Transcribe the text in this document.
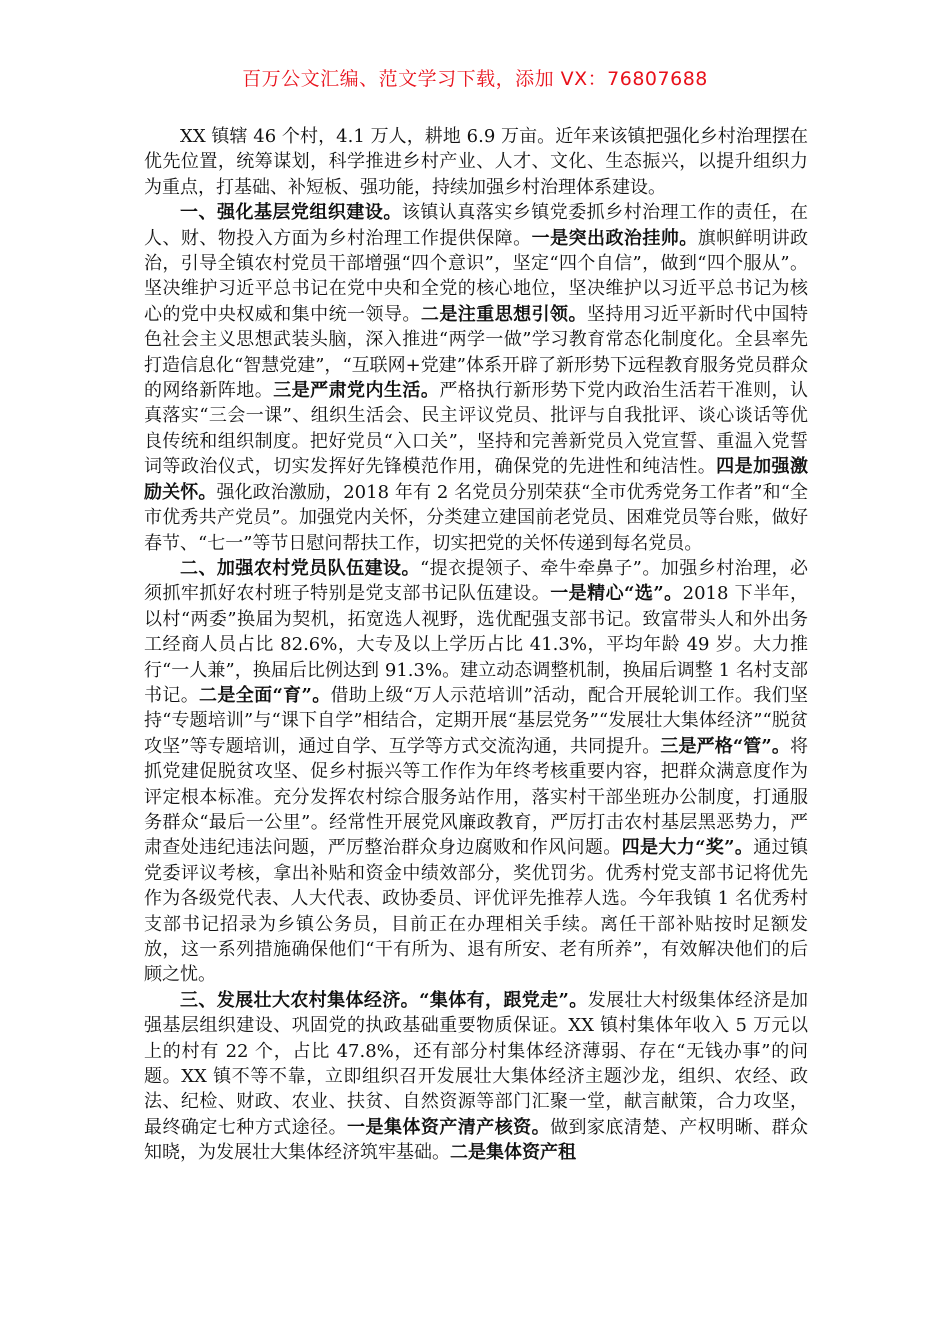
百万公文汇编、范文学习下载，添加 VX：76807688

XX 镇辖 46 个村，4.1 万人，耕地 6.9 万亩。近年来该镇把强化乡村治理摆在优先位置，统筹谋划，科学推进乡村产业、人才、文化、生态振兴，以提升组织力为重点，打基础、补短板、强功能，持续加强乡村治理体系建设。

一、强化基层党组织建设。该镇认真落实乡镇党委抓乡村治理工作的责任，在人、财、物投入方面为乡村治理工作提供保障。一是突出政治挂帅。旗帜鲜明讲政治，引导全镇农村党员干部增强“四个意识”，坚定“四个自信”，做到“四个服从”。坚决维护习近平总书记在党中央和全党的核心地位，坚决维护以习近平总书记为核心的党中央权威和集中统一领导。二是注重思想引领。坚持用习近平新时代中国特色社会主义思想武装头脑，深入推进“两学一做”学习教育常态化制度化。全县率先打造信息化“智慧党建”，“互联网+党建”体系开辟了新形势下远程教育服务党员群众的网络新阵地。三是严肃党内生活。严格执行新形势下党内政治生活若干准则，认真落实“三会一课”、组织生活会、民主评议党员、批评与自我批评、谈心谈话等优良传统和组织制度。把好党员“入口关”，坚持和完善新党员入党宣誓、重温入党誓词等政治仪式，切实发挥好先锋模范作用，确保党的先进性和纯洁性。四是加强激励关怀。强化政治激励，2018 年有 2 名党员分别荣获“全市优秀党务工作者”和“全市优秀共产党员”。加强党内关怀，分类建立建国前老党员、困难党员等台账，做好春节、“七一”等节日慰问帮扶工作，切实把党的关怀传递到每名党员。

二、加强农村党员队伍建设。“提衣提领子、牵牛牵鼻子”。加强乡村治理，必须抓牢抓好农村班子特别是党支部书记队伍建设。一是精心“选”。2018 下半年，以村“两委”换届为契机，拓宽选人视野，选优配强支部书记。致富带头人和外出务工经商人员占比 82.6%，大专及以上学历占比 41.3%，平均年龄 49 岁。大力推行“一人兼”，换届后比例达到 91.3%。建立动态调整机制，换届后调整 1 名村支部书记。二是全面“育”。借助上级“万人示范培训”活动，配合开展轮训工作。我们坚持“专题培训”与“课下自学”相结合，定期开展“基层党务”“发展壮大集体经济”“脱贫攻坚”等专题培训，通过自学、互学等方式交流沟通，共同提升。三是严格“管”。将抓党建促脱贫攻坚、促乡村振兴等工作作为年终考核重要内容，把群众满意度作为评定根本标准。充分发挥农村综合服务站作用，落实村干部坐班办公制度，打通服务群众“最后一公里”。经常性开展党风廉政教育，严厉打击农村基层黑恶势力，严肃查处违纪违法问题，严厉整治群众身边腐败和作风问题。四是大力“奖”。通过镇党委评议考核，拿出补贴和资金中绩效部分，奖优罚劣。优秀村党支部书记将优先作为各级党代表、人大代表、政协委员、评优评先推荐人选。今年我镇 1 名优秀村支部书记招录为乡镇公务员，目前正在办理相关手续。离任干部补贴按时足额发放，这一系列措施确保他们“干有所为、退有所安、老有所养”，有效解决他们的后顾之忧。

三、发展壮大农村集体经济。“集体有，跟党走”。发展壮大村级集体经济是加强基层组织建设、巩固党的执政基础重要物质保证。XX 镇村集体年收入 5 万元以上的村有 22 个，占比 47.8%，还有部分村集体经济薄弱、存在“无钱办事”的问题。XX 镇不等不靠，立即组织召开发展壮大集体经济主题沙龙，组织、农经、政法、纪检、财政、农业、扶贫、自然资源等部门汇聚一堂，献言献策，合力攻坚，最终确定七种方式途径。一是集体资产清产核资。做到家底清楚、产权明晰、群众知晓，为发展壮大集体经济筑牢基础。二是集体资产租
